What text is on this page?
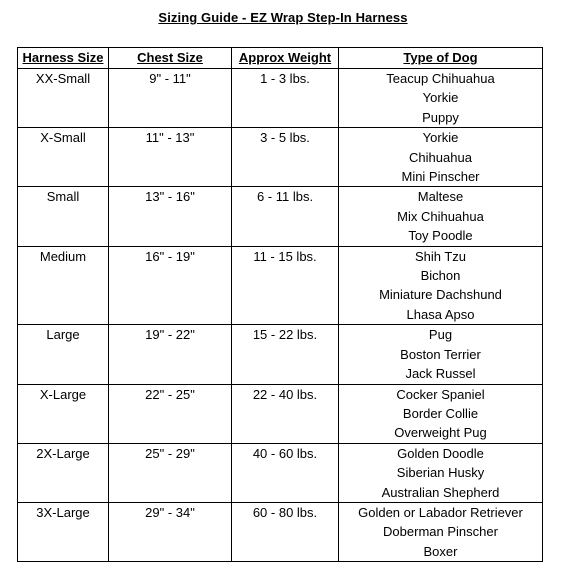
Sizing Guide - EZ Wrap Step-In Harness
Harness Size	Chest Size	Approx Weight	Type of Dog
XX-Small	9" - 11"	1 - 3 lbs.	Teacup Chihuahua
Yorkie
Puppy

X-Small	11" - 13"	3 - 5 lbs.	Yorkie
Chihuahua
Mini Pinscher

Small	13" - 16"	6 - 11 lbs.	Maltese
Mix Chihuahua
Toy Poodle

Medium	16" - 19"	11 - 15 lbs.	Shih Tzu
Bichon
Miniature Dachshund
Lhasa Apso

Large	19" - 22"	15 - 22 lbs.	Pug
Boston Terrier
Jack Russel

X-Large	22" - 25"	22 - 40 lbs.	Cocker Spaniel
Border Collie
Overweight Pug

2X-Large	25" - 29"	40 - 60 lbs.	Golden Doodle
Siberian Husky
Australian Shepherd

3X-Large	29" - 34"	60 - 80 lbs.	Golden or Labador Retriever
Doberman Pinscher
Boxer
